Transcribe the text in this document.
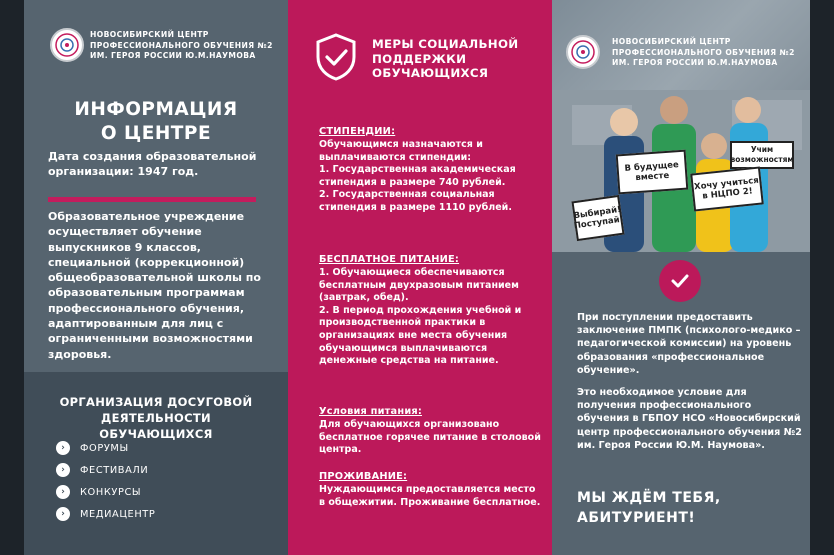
НОВОСИБИРСКИЙ ЦЕНТР ПРОФЕССИОНАЛЬНОГО ОБУЧЕНИЯ №2 ИМ. ГЕРОЯ РОССИИ Ю.М.НАУМОВА
ИНФОРМАЦИЯ О ЦЕНТРЕ
Дата создания образовательной организации: 1947 год.
Образовательное учреждение осуществляет обучение выпускников 9 классов, специальной (коррекционной) общеобразовательной школы по образовательным программам профессионального обучения, адаптированным для лиц с ограниченными возможностями здоровья.
ОРГАНИЗАЦИЯ ДОСУГОВОЙ ДЕЯТЕЛЬНОСТИ ОБУЧАЮЩИХСЯ
›	ФОРУМЫ
›	ФЕСТИВАЛИ
›	КОНКУРСЫ
›	МЕДИАЦЕНТР
МЕРЫ СОЦИАЛЬНОЙ ПОДДЕРЖКИ ОБУЧАЮЩИХСЯ
СТИПЕНДИИ:
Обучающимся назначаются и выплачиваются стипендии:
1. Государственная академическая стипендия в размере 740 рублей.
2. Государственная социальная стипендия в размере 1110 рублей.
БЕСПЛАТНОЕ ПИТАНИЕ:
1. Обучающиеся обеспечиваются бесплатным двухразовым питанием (завтрак, обед).
2. В период прохождения учебной и производственной практики в организациях вне места обучения обучающимся выплачиваются денежные средства на питание.
Условия питания:
Для обучающихся организовано бесплатное горячее питание в столовой центра.
ПРОЖИВАНИЕ:
Нуждающимся предоставляется место в общежитии. Проживание бесплатное.
НОВОСИБИРСКИЙ ЦЕНТР ПРОФЕССИОНАЛЬНОГО ОБУЧЕНИЯ №2 ИМ. ГЕРОЯ РОССИИ Ю.М.НАУМОВА
В будущее вместе
Учим возможностям
Хочу учиться в НЦПО 2!
Выбирай! Поступай!
При поступлении предоставить заключение ПМПК (психолого-медико – педагогической комиссии) на уровень образования «профессиональное обучение».
Это необходимое условие для получения профессионального обучения в ГБПОУ НСО «Новосибирский центр профессионального обучения №2 им. Героя России Ю.М. Наумова».
МЫ ЖДЁМ ТЕБЯ, АБИТУРИЕНТ!
